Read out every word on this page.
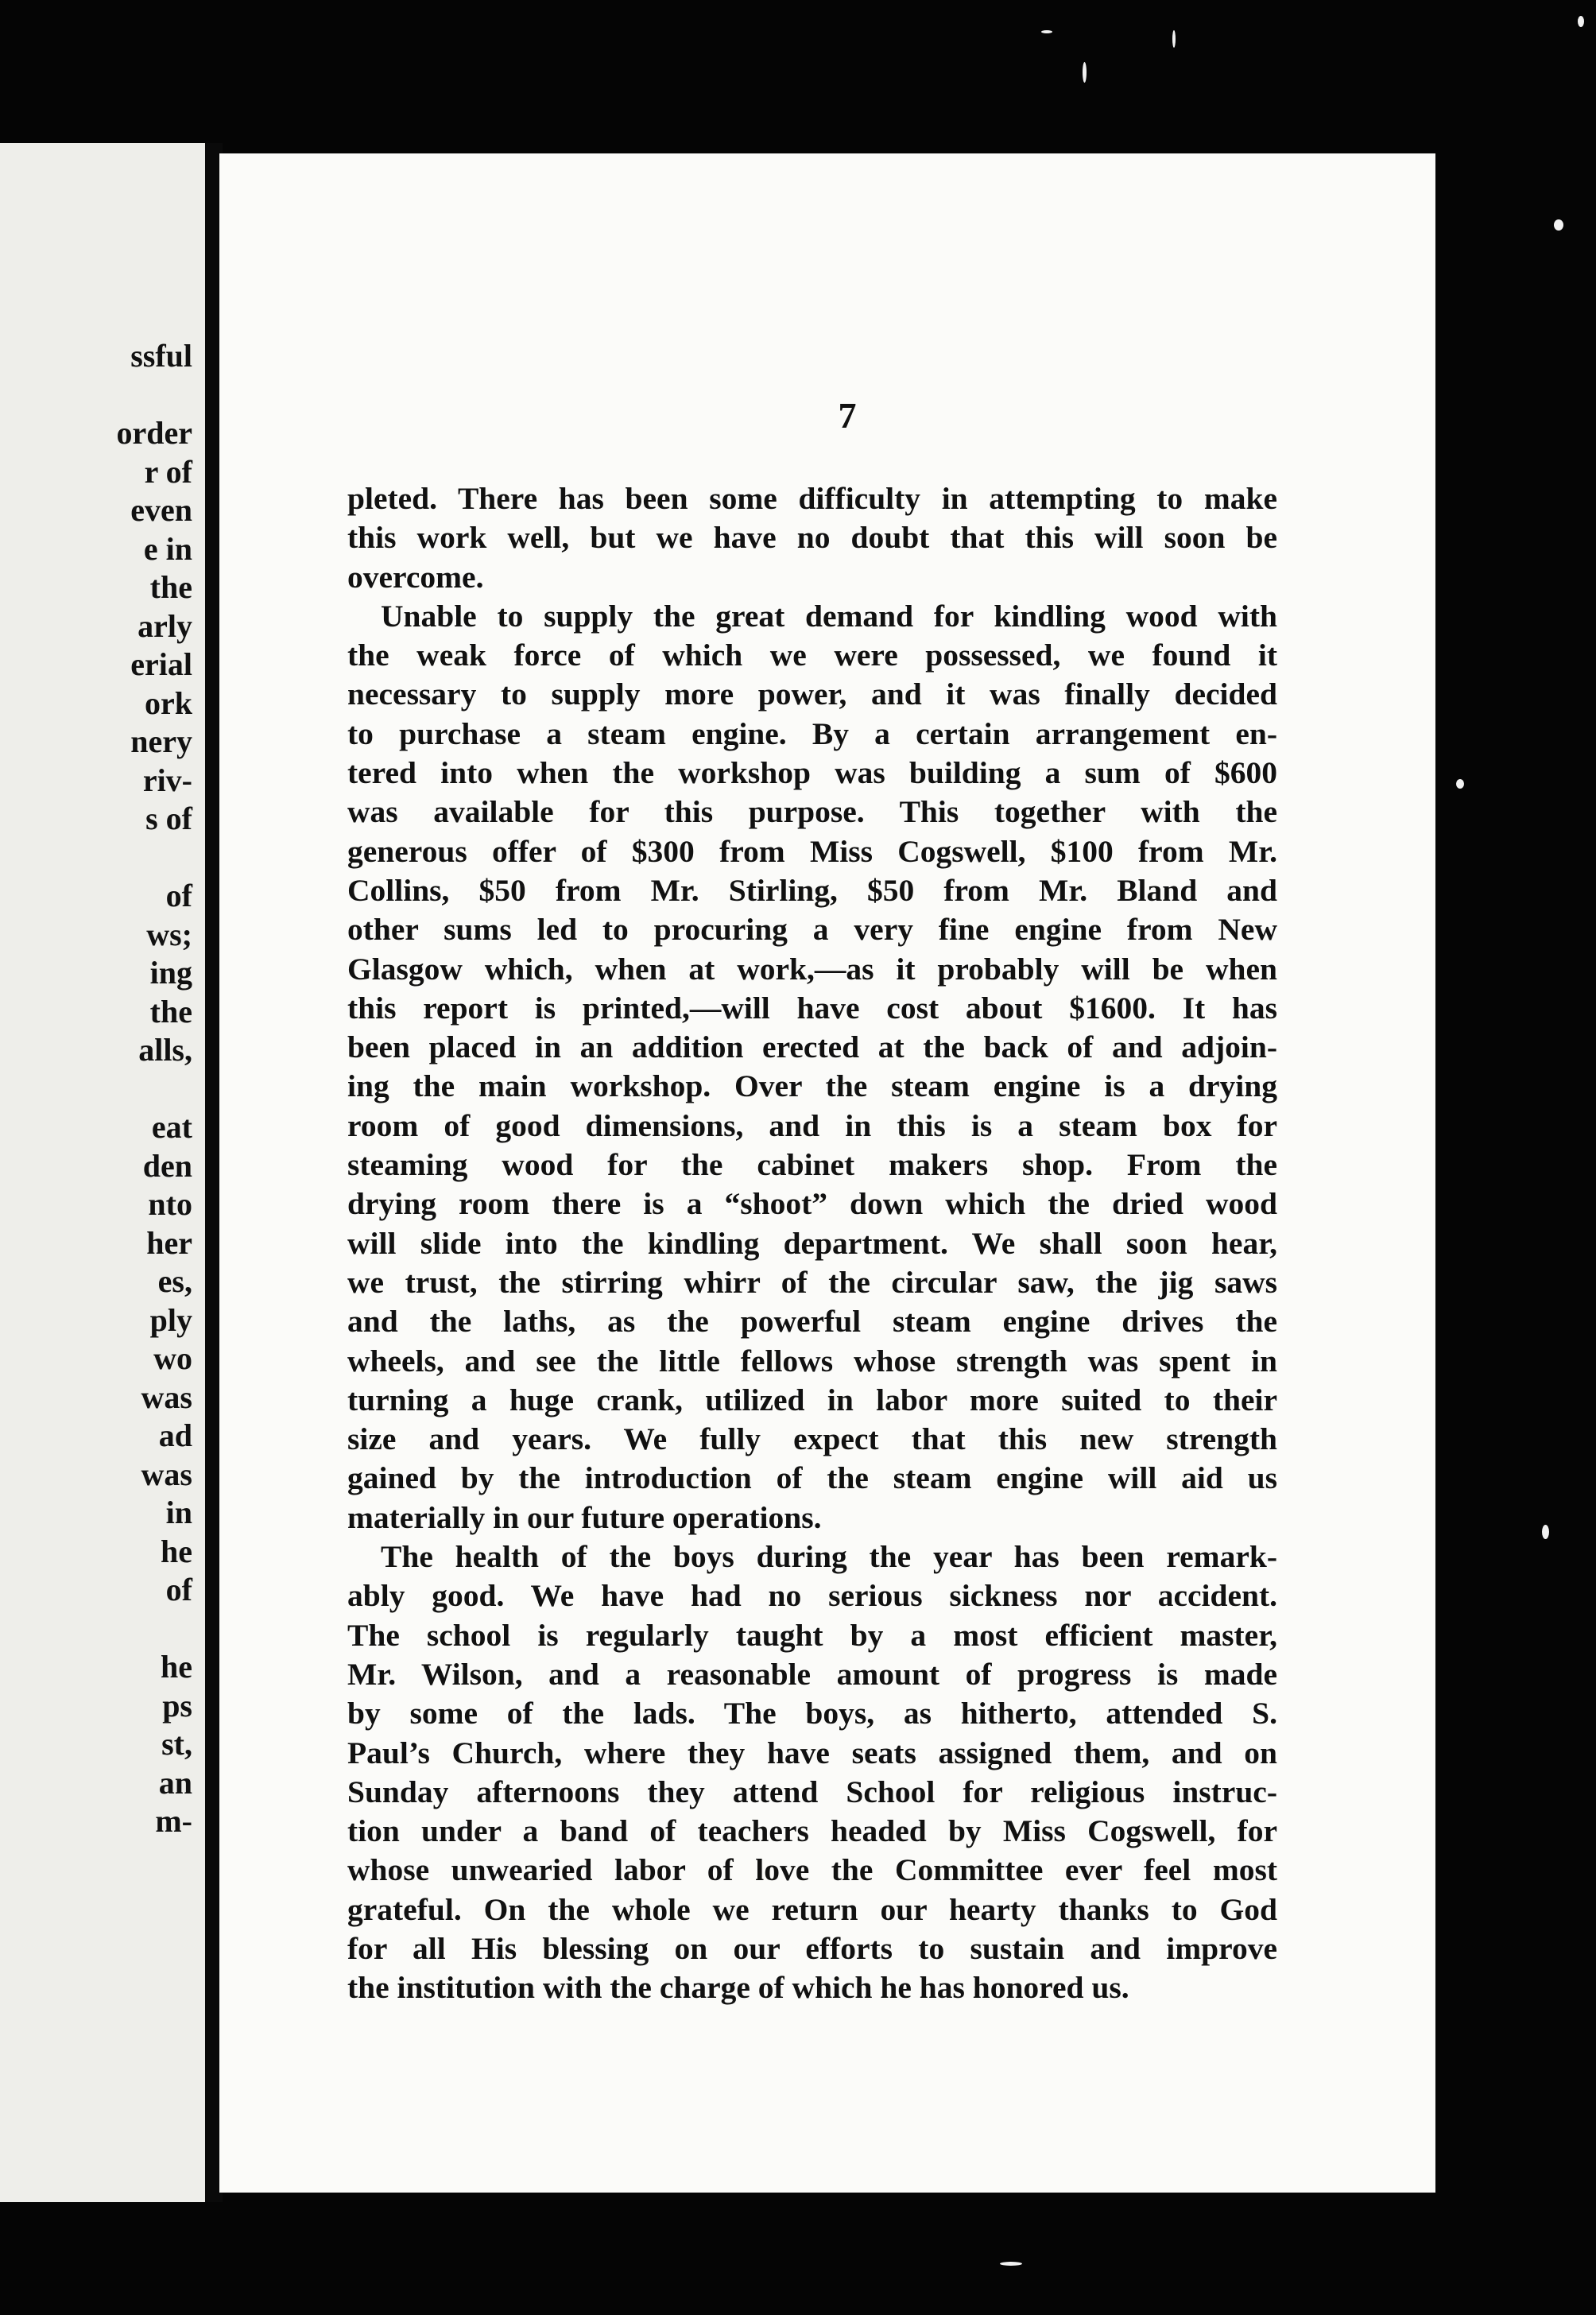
ssful
order
r of
even
e in
the
arly
erial
ork
nery
riv-
s of
of
ws;
ing
the
alls,
eat
den
nto
her
es,
ply
wo
was
ad
was
in
he
of
he
ps
st,
an
m-
7
pleted. There has been some difficulty in attempting to make
this work well, but we have no doubt that this will soon be
overcome.
Unable to supply the great demand for kindling wood with
the weak force of which we were possessed, we found it
necessary to supply more power, and it was finally decided
to purchase a steam engine. By a certain arrangement en-
tered into when the workshop was building a sum of $600
was available for this purpose. This together with the
generous offer of $300 from Miss Cogswell, $100 from Mr.
Collins, $50 from Mr. Stirling, $50 from Mr. Bland and
other sums led to procuring a very fine engine from New
Glasgow which, when at work,—as it probably will be when
this report is printed,—will have cost about $1600. It has
been placed in an addition erected at the back of and adjoin-
ing the main workshop. Over the steam engine is a drying
room of good dimensions, and in this is a steam box for
steaming wood for the cabinet makers shop. From the
drying room there is a “shoot” down which the dried wood
will slide into the kindling department. We shall soon hear,
we trust, the stirring whirr of the circular saw, the jig saws
and the laths, as the powerful steam engine drives the
wheels, and see the little fellows whose strength was spent in
turning a huge crank, utilized in labor more suited to their
size and years. We fully expect that this new strength
gained by the introduction of the steam engine will aid us
materially in our future operations.
The health of the boys during the year has been remark-
ably good. We have had no serious sickness nor accident.
The school is regularly taught by a most efficient master,
Mr. Wilson, and a reasonable amount of progress is made
by some of the lads. The boys, as hitherto, attended S.
Paul’s Church, where they have seats assigned them, and on
Sunday afternoons they attend School for religious instruc-
tion under a band of teachers headed by Miss Cogswell, for
whose unwearied labor of love the Committee ever feel most
grateful. On the whole we return our hearty thanks to God
for all His blessing on our efforts to sustain and improve
the institution with the charge of which he has honored us.
